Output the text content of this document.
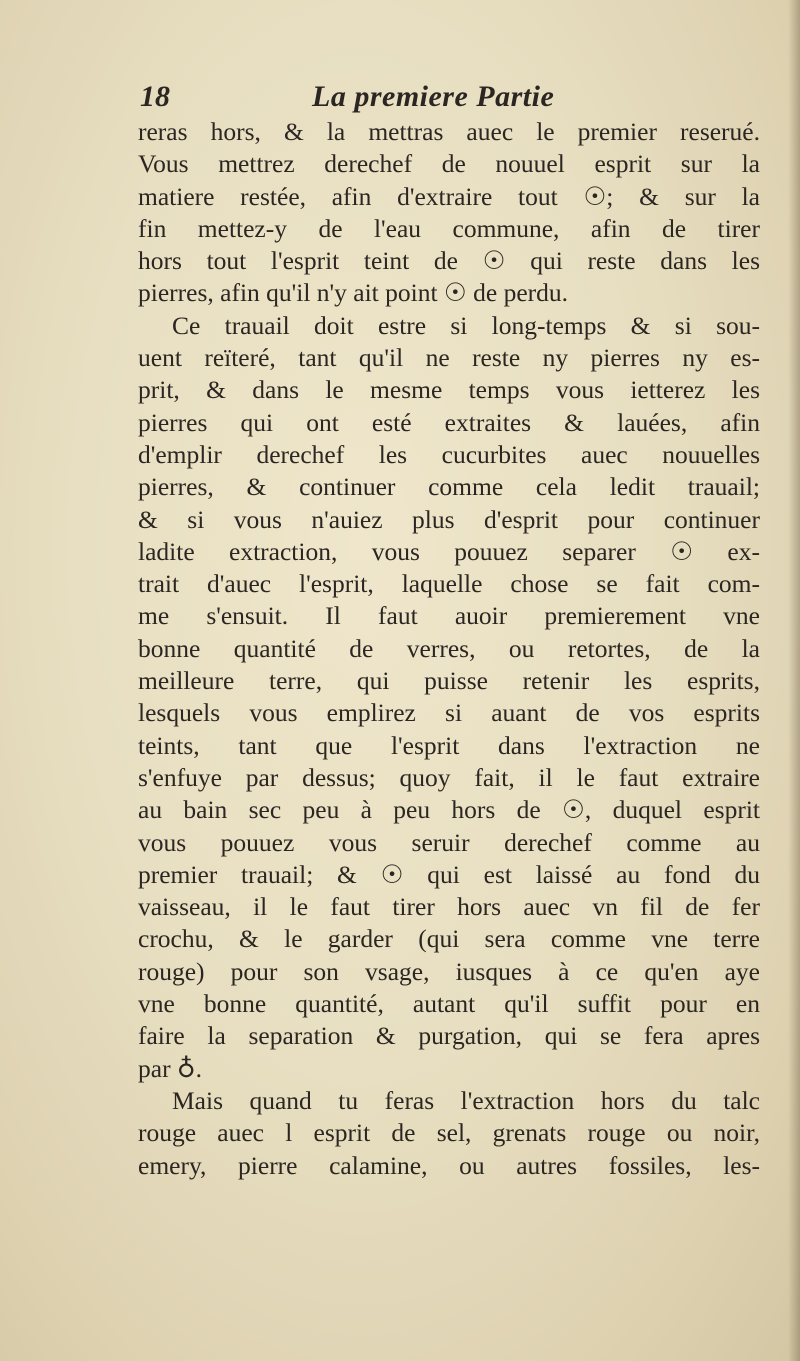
18	La premiere Partie
reras hors, & la mettras auec le premier reserué.
Vous mettrez derechef de nouuel esprit sur la
matiere restée, afin d'extraire tout ☉; & sur la
fin mettez-y de l'eau commune, afin de tirer
hors tout l'esprit teint de ☉ qui reste dans les
pierres, afin qu'il n'y ait point ☉ de perdu.
Ce trauail doit estre si long-temps & si sou-
uent reïteré, tant qu'il ne reste ny pierres ny es-
prit, & dans le mesme temps vous ietterez les
pierres qui ont esté extraites & lauées, afin
d'emplir derechef les cucurbites auec nouuelles
pierres, & continuer comme cela ledit trauail;
& si vous n'auiez plus d'esprit pour continuer
ladite extraction, vous pouuez separer ☉ ex-
trait d'auec l'esprit, laquelle chose se fait com-
me s'ensuit. Il faut auoir premierement vne
bonne quantité de verres, ou retortes, de la
meilleure terre, qui puisse retenir les esprits,
lesquels vous emplirez si auant de vos esprits
teints, tant que l'esprit dans l'extraction ne
s'enfuye par dessus; quoy fait, il le faut extraire
au bain sec peu à peu hors de ☉, duquel esprit
vous pouuez vous seruir derechef comme au
premier trauail; & ☉ qui est laissé au fond du
vaisseau, il le faut tirer hors auec vn fil de fer
crochu, & le garder (qui sera comme vne terre
rouge) pour son vsage, iusques à ce qu'en aye
vne bonne quantité, autant qu'il suffit pour en
faire la separation & purgation, qui se fera apres
par ♁.
Mais quand tu feras l'extraction hors du talc
rouge auec l esprit de sel, grenats rouge ou noir,
emery, pierre calamine, ou autres fossiles, les-
